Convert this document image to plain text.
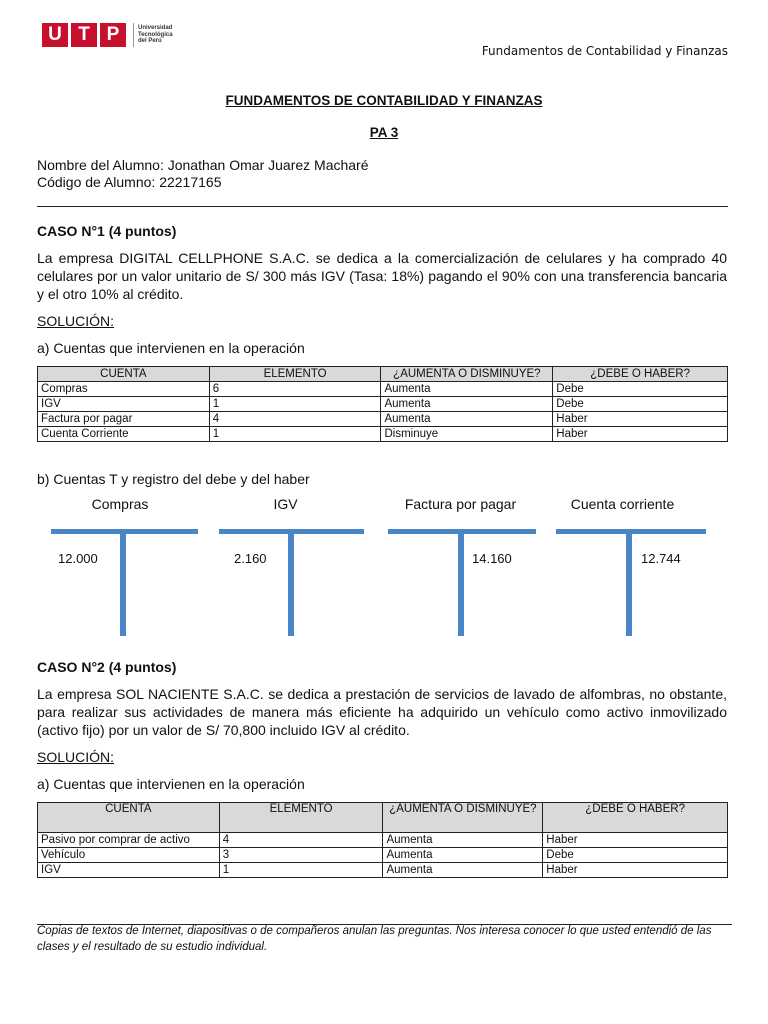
U T P	Universidad
Tecnológica
del Perú
Fundamentos de Contabilidad y Finanzas
FUNDAMENTOS DE CONTABILIDAD Y FINANZAS
PA 3
Nombre del Alumno: Jonathan Omar Juarez Macharé
Código de Alumno: 22217165
CASO N°1 (4 puntos)
La empresa DIGITAL CELLPHONE S.A.C. se dedica a la comercialización de celulares y ha comprado 40 celulares por un valor unitario de S/ 300 más IGV (Tasa: 18%) pagando el 90% con una transferencia bancaria y el otro 10% al crédito.
SOLUCIÓN:
a) Cuentas que intervienen en la operación
CUENTA	ELEMENTO	¿AUMENTA O DISMINUYE?	¿DEBE O HABER?
Compras	6	Aumenta	Debe
IGV	1	Aumenta	Debe
Factura por pagar	4	Aumenta	Haber
Cuenta Corriente	1	Disminuye	Haber
b) Cuentas T y registro del debe y del haber
Compras
12.000
IGV
2.160
Factura por pagar
14.160
Cuenta corriente
12.744
CASO N°2 (4 puntos)
La empresa SOL NACIENTE S.A.C. se dedica a prestación de servicios de lavado de alfombras, no obstante, para realizar sus actividades de manera más eficiente ha adquirido un vehículo como activo inmovilizado (activo fijo) por un valor de S/ 70,800 incluido IGV al crédito.
SOLUCIÓN:
a) Cuentas que intervienen en la operación
CUENTA	ELEMENTO	¿AUMENTA O DISMINUYE?	¿DEBE O HABER?
Pasivo por comprar de activo	4	Aumenta	Haber
Vehículo	3	Aumenta	Debe
IGV	1	Aumenta	Haber
Copias de textos de Internet, diapositivas o de compañeros anulan las preguntas. Nos interesa conocer lo que usted entendió de las clases y el resultado de su estudio individual.
